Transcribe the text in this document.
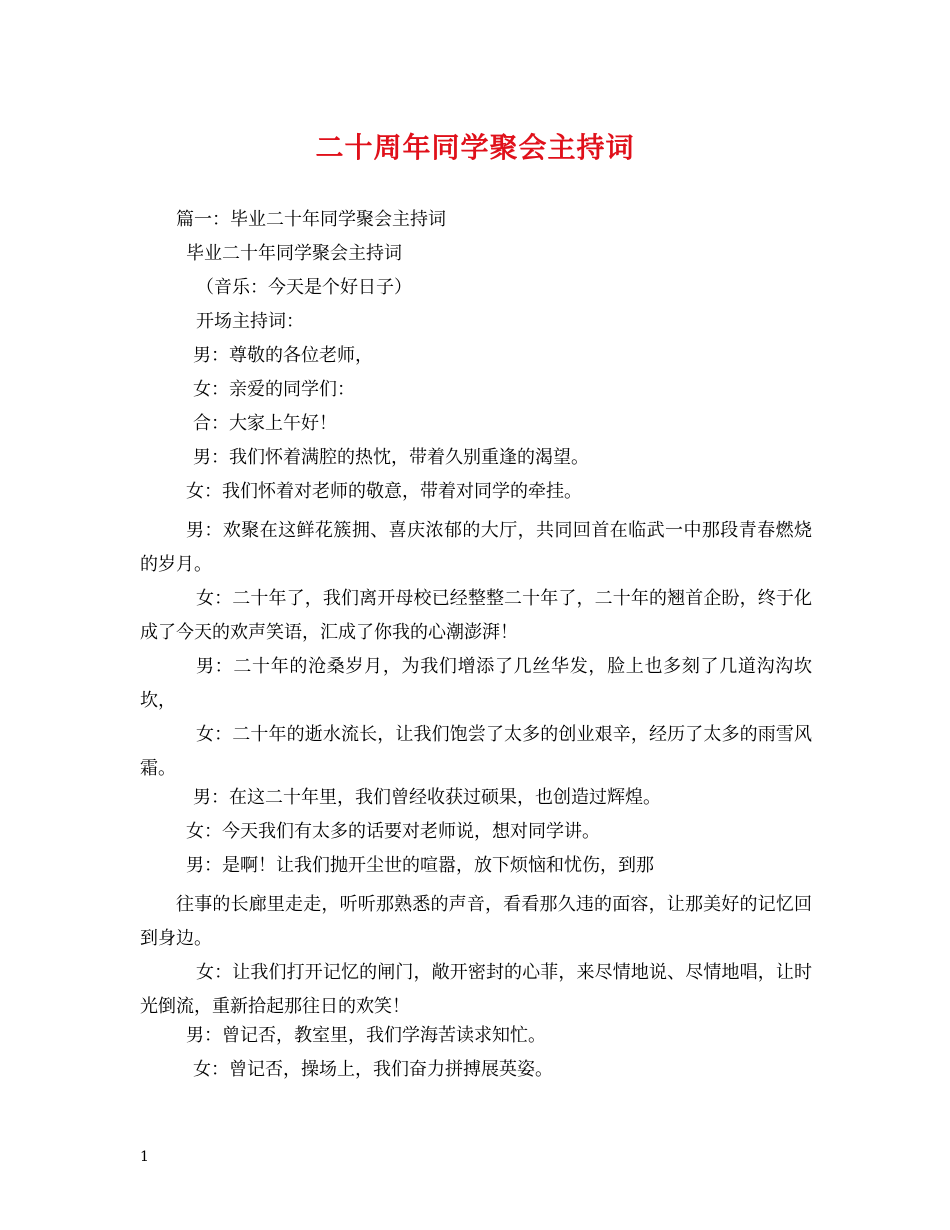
二十周年同学聚会主持词
篇一：毕业二十年同学聚会主持词
毕业二十年同学聚会主持词
（音乐：今天是个好日子）
开场主持词：
男：尊敬的各位老师，
女：亲爱的同学们：
合：大家上午好！
男：我们怀着满腔的热忱，带着久别重逢的渴望。
女：我们怀着对老师的敬意，带着对同学的牵挂。
男：欢聚在这鲜花簇拥、喜庆浓郁的大厅，共同回首在临武一中那段青春燃烧的岁月。
女：二十年了，我们离开母校已经整整二十年了，二十年的翘首企盼，终于化成了今天的欢声笑语，汇成了你我的心潮澎湃！
男：二十年的沧桑岁月，为我们增添了几丝华发，脸上也多刻了几道沟沟坎坎，
女：二十年的逝水流长，让我们饱尝了太多的创业艰辛，经历了太多的雨雪风霜。
男：在这二十年里，我们曾经收获过硕果，也创造过辉煌。
女：今天我们有太多的话要对老师说，想对同学讲。
男：是啊！让我们抛开尘世的喧嚣，放下烦恼和忧伤，到那
往事的长廊里走走，听听那熟悉的声音，看看那久违的面容，让那美好的记忆回到身边。
女：让我们打开记忆的闸门，敞开密封的心菲，来尽情地说、尽情地唱，让时光倒流，重新拾起那往日的欢笑！
男：曾记否，教室里，我们学海苦读求知忙。
女：曾记否，操场上，我们奋力拼搏展英姿。
1
